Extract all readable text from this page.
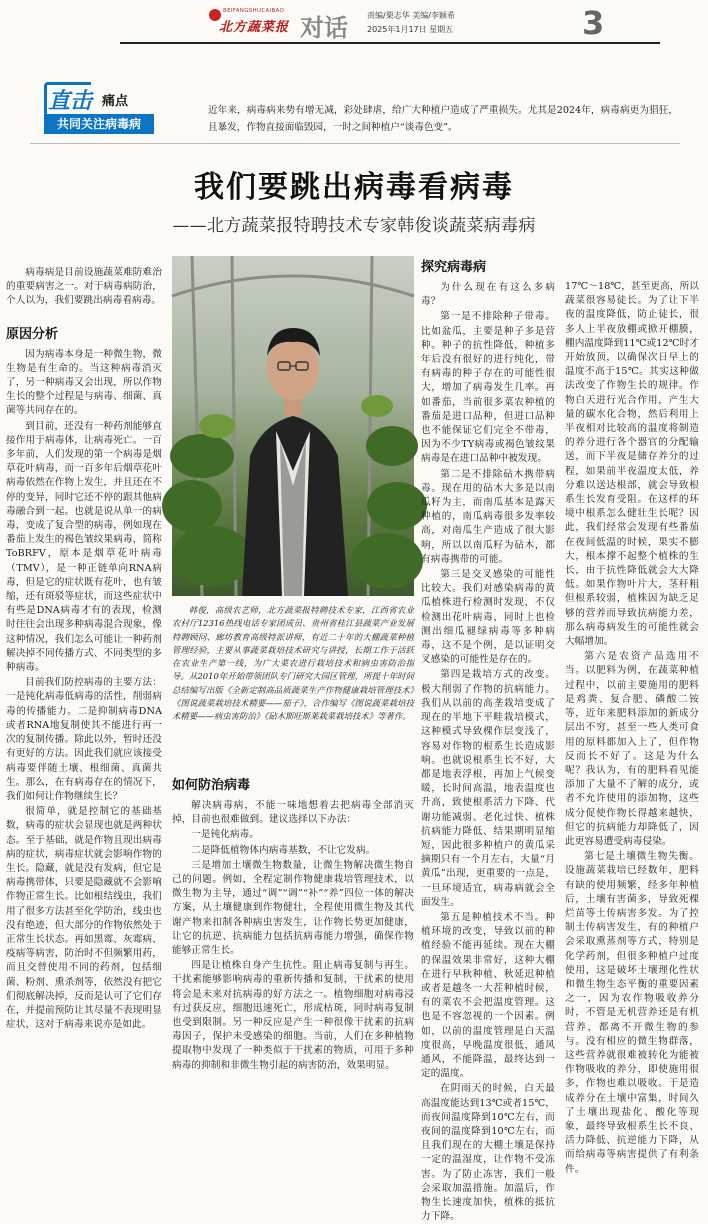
BEIFANGSHUCAIBAO
北方蔬菜报 对话 责编/栗志华 美编/李颖希
2025年1月17日 星期五	3
直击 痛点
共同关注病毒病
近年来，病毒病来势有增无减，彩处肆虐，给广大种植户造成了严重损失。尤其是2024年，病毒病更为猖狂，且暴发，作物直接面临毁园，一时之间种植户“谈毒色变”。
我们要跳出病毒看病毒
——北方蔬菜报特聘技术专家韩俊谈蔬菜病毒病

病毒病是目前设施蔬菜难防难治的重要病害之一。对于病毒病防治，个人以为，我们要跳出病毒看病毒。

原因分析

因为病毒本身是一种微生物，微生物是有生命的。当这种病毒消灭了，另一种病毒又会出现，所以作物生长的整个过程是与病毒、细菌、真菌等共同存在的。

到目前，还没有一种药剂能够直接作用于病毒体，让病毒死亡。一百多年前，人们发现的第一个病毒是烟草花叶病毒，而一百多年后烟草花叶病毒依然在作物上发生，并且还在不停的变异，同时它还不停的跟其他病毒融合到一起。也就是说从单一的病毒，变成了复合型的病毒，例如现在番茄上发生的褐色皱纹果病毒，简称ToBRFV，原本是烟草花叶病毒（TMV），是一种正链单向RNA病毒，但是它的症状既有花叶，也有皱缩，还有斑驳等症状，而这些症状中有些是DNA病毒才有的表现，检测时往往会出现多种病毒混合现象，像这种情况，我们怎么可能让一种药剂解决掉不同传播方式、不同类型的多种病毒。

目前我们防控病毒的主要方法：一是钝化病毒低病毒的活性，削弱病毒的传播能力。二是抑制病毒DNA或者RNA地复制使其不能进行再一次的复制传播。除此以外，暂时还没有更好的方法。因此我们就应该接受病毒要伴随土壤、根细菌、真菌共生。那么，在有病毒存在的情况下，我们如何让作物继续生长？

很简单，就是控制它的基础基数，病毒的症状会显现也就是两种状态。至于基础，就是作物且现出病毒病的症状，病毒症状就会影响作物的生长。隐藏，就是没有发病，但它是病毒携带体，只要是隐藏就不会影响作物正常生长。比如根结线虫，我们用了很多方法甚至化学防治，线虫也没有绝迹，但大部分的作物依然处于正常生长状态。再如黑霉、灰霉病、疫病等病害，防治时不但频繁用药，而且交替使用不同的药剂，包括细菌、粉剂、熏杀剂等，依然没有把它们彻底解决掉，反而是认可了它们存在，并提前预防让其尽量不表现明显症状，这对于病毒来说亦是如此。

韩俊，高级农艺师，北方蔬菜报特聘技术专家，江西省农业农村厅12316热线电话专家团成员、贵州省桂江县蔬菜产业发展特聘顾问、廊坊教育高级特派讲师，有近二十年的大棚蔬菜种植管理经验，主要从事蔬菜栽培技术研究与讲授，长期工作于活跃在农业生产第一线，为广大菜农进行栽培技术和病虫害防治指导。从2010年开始带领团队专门研究大园区管理，所提十年时间总结编写出版《全新定制高品质蔬菜生产作物健康栽培管理技术》《图说蔬菜栽培技术精要——茄子》，合作编写《图说蔬菜栽培技术精要——病虫害防治》《砧木斯旺斯莱栽菜栽培技术》等著作。
如何防治病毒

解决病毒病，不能一味地想着去把病毒全部消灭掉，目前也很难做到。建议选择以下办法：

一是钝化病毒。

二是降低植物体内病毒基数，不让它发病。

三是增加土壤微生物数量，让微生物解决微生物自己的问题。例如，全程定制作物健康栽培管理技术，以微生物为主导，通过“调”“调”“补”“养”四位一体的解决方案，从土壤健康到作物健壮，全程使用微生物及其代谢产物来扣制各种病虫害发生，让作物长势更加健康，让它的抗逆、抗病能力包括抗病毒能力增强，确保作物能够正常生长。

四是让植株自身产生抗性。阻止病毒复制与再生。干扰素能够影响病毒的重新传播和复制，干扰素的使用将会是未来对抗病毒的好方法之一。植物细胞对病毒浸有过获反应，细胞迅速死亡，形成枯斑，同时病毒复制也受到限制。另一种反应是产生一种很像干扰素的抗病毒因子，保护未受感染的细胞。当前，人们在多种植物提取物中发现了一种类似于干扰素的物质，可用于多种病毒的抑制和非微生物引起的病害防治，效果明显。

探究病毒病

为什么现在有这么多病毒？

第一是不排除种子带毒。比如盆瓜，主要是种子多是营种。种子的抗性降低，种植多年后没有很好的进行纯化，带有病毒的种子存在的可能性很大，增加了病毒发生几率。再如番茄，当前很多菜农种植的番茄是进口品种，但进口品种也不能保证它们完全不带毒，因为不少TY病毒或褐色皱纹果病毒是在进口品种中被发现。

第二是不排除砧木携带病毒。现在用的砧木大多是以南瓜籽为主，而南瓜基本是露天种植的，南瓜病毒很多发率较高，对南瓜生产造成了很大影响，所以以南瓜籽为砧木，都有病毒携带的可能。

第三是交叉感染的可能性比较大。我们对感染病毒的黄瓜植株进行检测时发现，不仅检测出花叶病毒，同时上也检测出细瓜褪绿病毒等多种病毒，这不是个例，是以证明交叉感染的可能性是存在的。

第四是栽培方式的改变。极大削弱了作物的抗病能力。我们从以前的高垄栽培变成了现在的半地下平畦栽培模式，这种模式导致棵作层变浅了，容易对作物的根系生长造成影响。也就说根系生长不好，大都是地表浮根，再加上气候变暖，长时间高温，地表温度也升高，致使根系活力下降、代谢功能减弱、老化过快、植株抗病能力降低、结果期明显缩短，因此很多种植户的黄瓜采摘期只有一个月左右，大量“月黄瓜”出现，更重要的一点是，一旦环境适宜，病毒病就会全面发生。

第五是种植技术不当。种植环境的改变，导致以前的种植经验不能再延续。现在大棚的保温效果非常好，这种大棚在进行早秋种植、秋延迟种植或者是越冬一大茬种植时候，有的菜农不会把温度管理。这也是不容忽视的一个因素。例如，以前的温度管理是白天温度很高，早晚温度很低，通风通风，不能降温，最终达到一定的温度。

在阴雨天的时候，白天最高温度能达到13℃或者15℃，而夜间温度降到10℃左右，而夜间的温度降到10℃左右，而且我们现在的大棚土壤是保持一定的温湿度，让作物不受冻害。为了防止冻害，我们一般会采取加温措施。加温后，作物生长速度加快，植株的抵抗力下降。

17℃～18℃，甚至更高，所以蔬菜很容易徒长。为了让下半夜的温度降低，防止徒长，很多人上半夜放棚或掀开棚膜，棚内温度降到11℃或12℃时才开始放顶，以确保次日早上的温度不高于15℃。其实这种做法改变了作物生长的规律。作物白天进行光合作用，产生大量的碳水化合物，然后利用上半夜相对比较高的温度将制造的养分进行各个器官的分配输送，而下半夜是储存养分的过程，如果前半夜温度太低，养分难以送达根部，就会导致根系生长发育受阻。在这样的环境中根系怎么健壮生长呢？因此，我们经常会发现有些番茄在夜间低温的时候，果实不膨大，根本撑不起整个植株的生长，由于抗性降低就会大大降低。如果作物叶片大，茎秆粗但根系较弱，植株因为缺乏足够的营养而导致抗病能力差，那么病毒病发生的可能性就会大幅增加。

第六是农资产品选用不当。以肥料为例，在蔬菜种植过程中，以前主要施用的肥料是鸡粪、复合肥、磷酸二铵等，近年来肥料添加的新成分层出不穷，甚至一些人类可食用的原料都加入上了，但作物反而长不好了。这是为什么呢？我认为，有的肥料看见能添加了大量不了解的成分，或者不允许使用的添加物，这些成分促使作物长得越来越快，但它的抗病能力却降低了，因此更容易遭受病毒侵染。

第七是土壤微生物失衡。设施蔬菜栽培已经数年，肥料有缺的使用频繁，经多年种植后，土壤有害菌多，导致死棵烂苗等土传病害多发。为了控制土传病害发生，有的种植户会采取熏蒸剂等方式，特别是化学药剂，但很多种植户过度使用，这是破坏土壤理化性状和微生物生态平衡的重要因素之一，因为农作物吸收养分时，不管是无机营养还是有机营养，都离不开微生物的参与。没有相应的微生物群落，这些营养就很难被转化为能被作物吸收的养分，即使施用很多，作物也难以吸收。于是造成养分在土壤中富集，时间久了土壤出现盐化、酸化等现象，最终导致根系生长不良、活力降低、抗逆能力下降，从而给病毒等病害提供了有利条件。
